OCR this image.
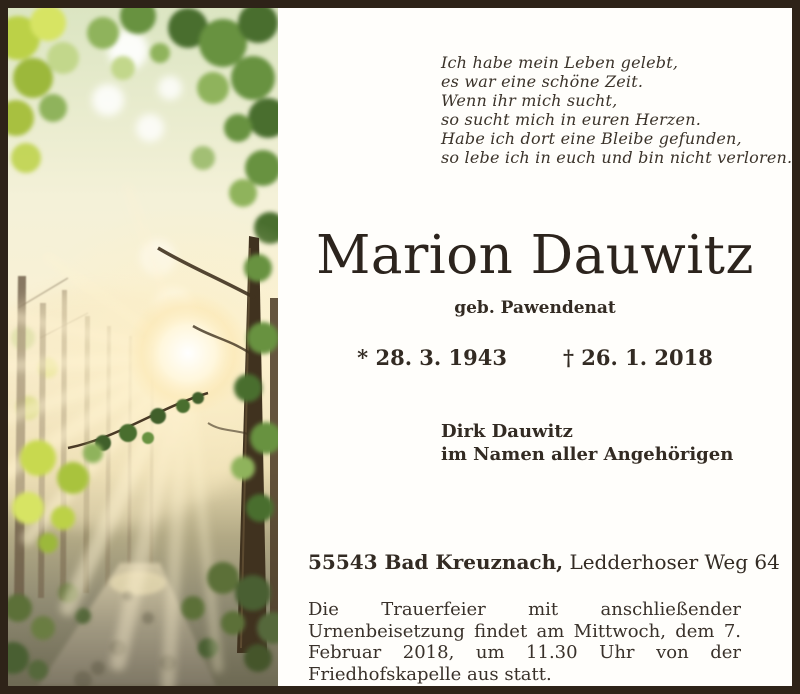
Ich habe mein Leben gelebt,
es war eine schöne Zeit.
Wenn ihr mich sucht,
so sucht mich in euren Herzen.
Habe ich dort eine Bleibe gefunden,
so lebe ich in euch und bin nicht verloren.
Marion Dauwitz
geb. Pawendenat
* 28. 3. 1943	† 26. 1. 2018
Dirk Dauwitz
im Namen aller Angehörigen
55543 Bad Kreuznach, Ledderhoser Weg 64
Die Trauerfeier mit anschließender Urnenbeisetzung findet am Mittwoch, dem 7. Februar 2018, um 11.30 Uhr von der Friedhofskapelle aus statt.
